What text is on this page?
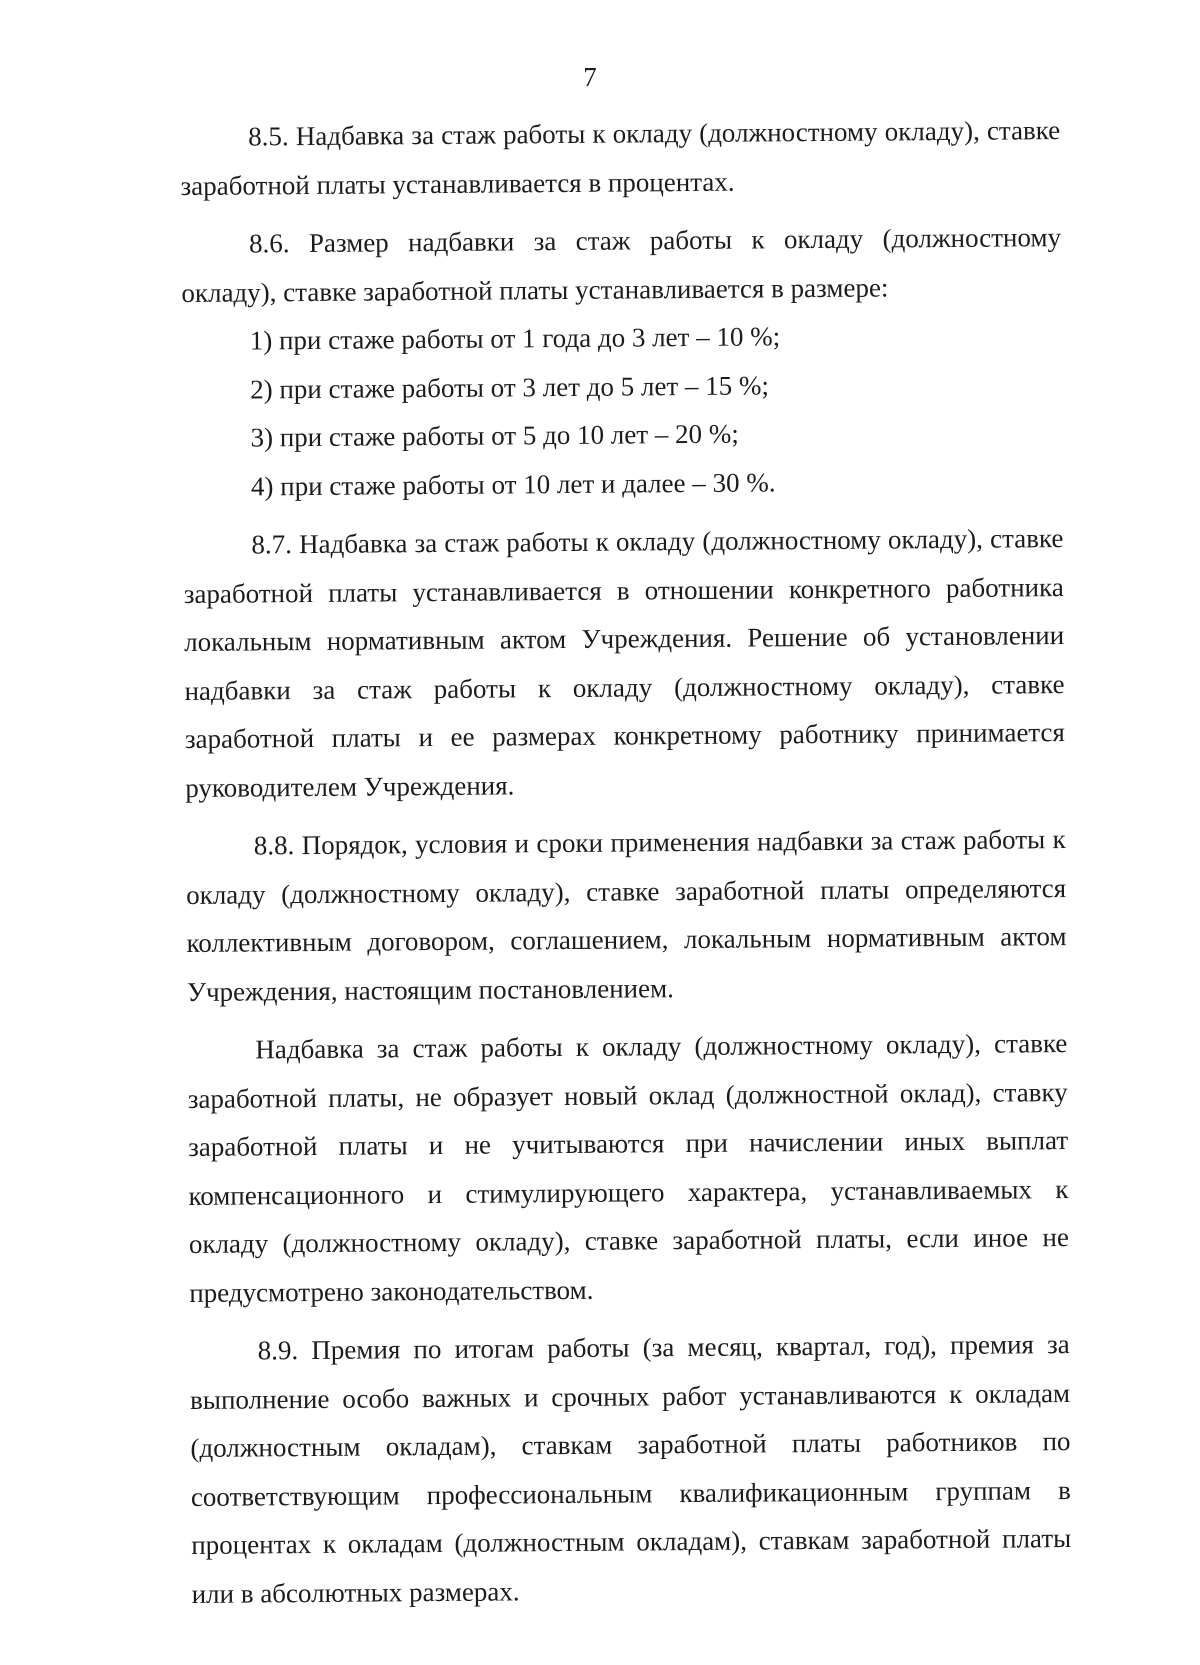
7

8.5. Надбавка за стаж работы к окладу (должностному окладу), ставке заработной платы устанавливается в процентах.

8.6. Размер надбавки за стаж работы к окладу (должностному окладу), ставке заработной платы устанавливается в размере:

1) при стаже работы от 1 года до 3 лет – 10 %;

2) при стаже работы от 3 лет до 5 лет – 15 %;

3) при стаже работы от 5 до 10 лет – 20 %;

4) при стаже работы от 10 лет и далее – 30 %.

8.7. Надбавка за стаж работы к окладу (должностному окладу), ставке заработной платы устанавливается в отношении конкретного работника локальным нормативным актом Учреждения. Решение об установлении надбавки за стаж работы к окладу (должностному окладу), ставке заработной платы и ее размерах конкретному работнику принимается руководителем Учреждения.

8.8. Порядок, условия и сроки применения надбавки за стаж работы к окладу (должностному окладу), ставке заработной платы определяются коллективным договором, соглашением, локальным нормативным актом Учреждения, настоящим постановлением.

Надбавка за стаж работы к окладу (должностному окладу), ставке заработной платы, не образует новый оклад (должностной оклад), ставку заработной платы и не учитываются при начислении иных выплат компенсационного и стимулирующего характера, устанавливаемых к окладу (должностному окладу), ставке заработной платы, если иное не предусмотрено законодательством.

8.9. Премия по итогам работы (за месяц, квартал, год), премия за выполнение особо важных и срочных работ устанавливаются к окладам (должностным окладам), ставкам заработной платы работников по соответствующим профессиональным квалификационным группам в процентах к окладам (должностным окладам), ставкам заработной платы или в абсолютных размерах.
